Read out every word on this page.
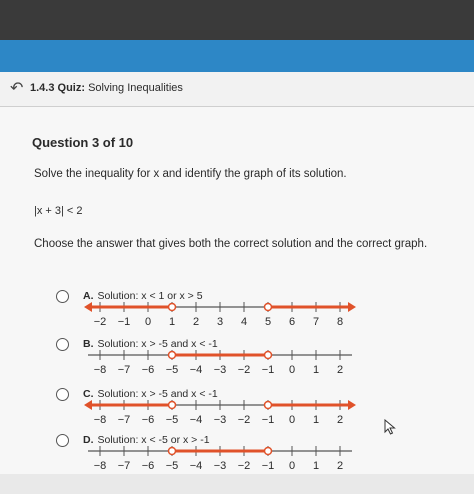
↶ 1.4.3 Quiz: Solving Inequalities
Question 3 of 10
Solve the inequality for x and identify the graph of its solution.
|x + 3| < 2
Choose the answer that gives both the correct solution and the correct graph.
A. Solution: x < 1 or x > 5
−2 −1 0 1 2 3 4 5 6 7 8
B. Solution: x > -5 and x < -1
−8 −7 −6 −5 −4 −3 −2 −1 0 1 2
C. Solution: x > -5 and x < -1
−8 −7 −6 −5 −4 −3 −2 −1 0 1 2
D. Solution: x < -5 or x > -1
−8 −7 −6 −5 −4 −3 −2 −1 0 1 2
